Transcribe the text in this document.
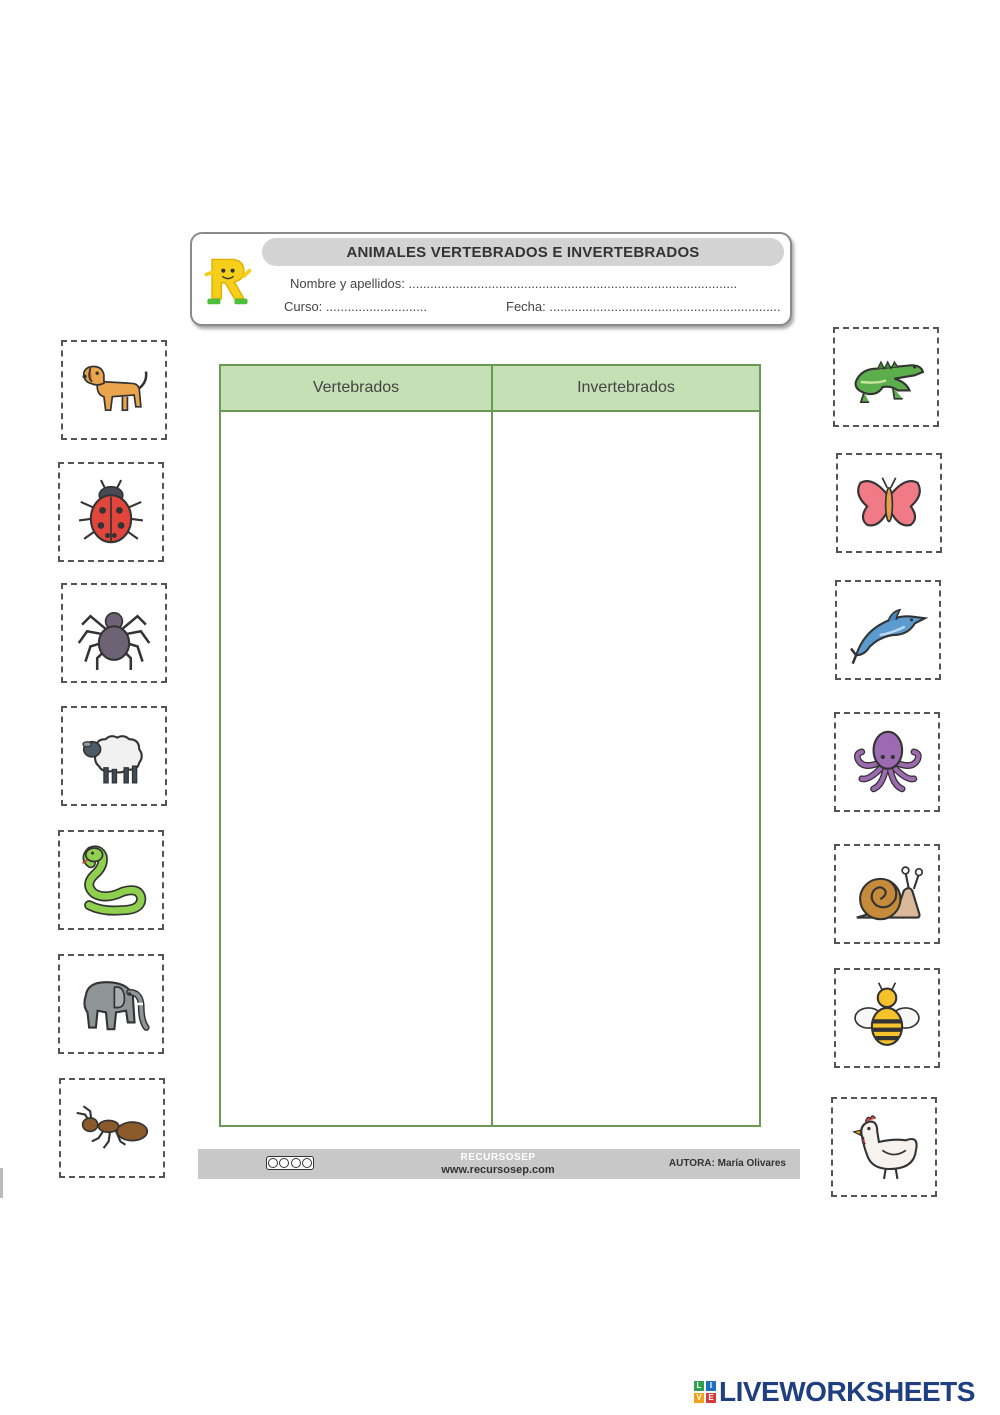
ANIMALES VERTEBRADOS E INVERTEBRADOS
Nombre y apellidos: ...........................................................................................
Curso: ............................	Fecha: ................................................................
Vertebrados	Invertebrados
RECURSOSEP
www.recursosep.com
AUTORA: María Olivares
L	I
V E LIVEWORKSHEETS
